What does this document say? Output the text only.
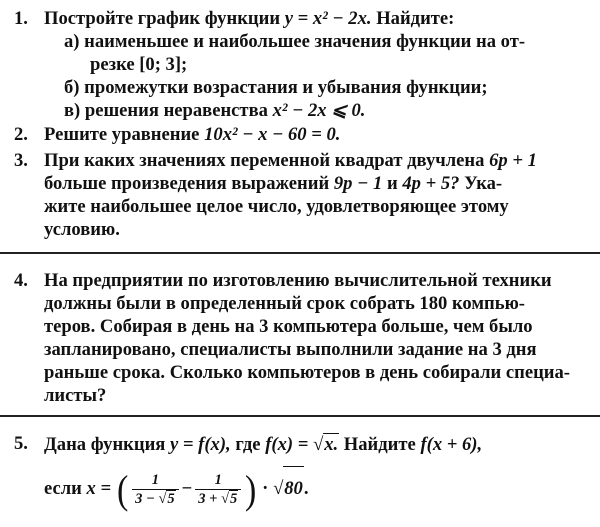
1. Постройте график функции y = x² − 2x. Найдите:
а) наименьшее и наибольшее значения функции на от-
резке [0; 3];
б) промежутки возрастания и убывания функции;
в) решения неравенства x² − 2x ⩽ 0.
2. Решите уравнение 10x² − x − 60 = 0.
3. При каких значениях переменной квадрат двучлена 6p + 1
больше произведения выражений 9p − 1 и 4p + 5? Ука-
жите наибольшее целое число, удовлетворяющее этому
условию.
4. На предприятии по изготовлению вычислительной техники
должны были в определенный срок собрать 180 компью-
теров. Собирая в день на 3 компьютера больше, чем было
запланировано, специалисты выполнили задание на 3 дня
раньше срока. Сколько компьютеров в день собирали специа-
листы?
5. Дана функция y = f(x), где f(x) = √x. Найдите f(x + 6),
если x = ( $\frac{1}{3 - √5} - \frac{1}{3 + √5}$ ) · √80.
